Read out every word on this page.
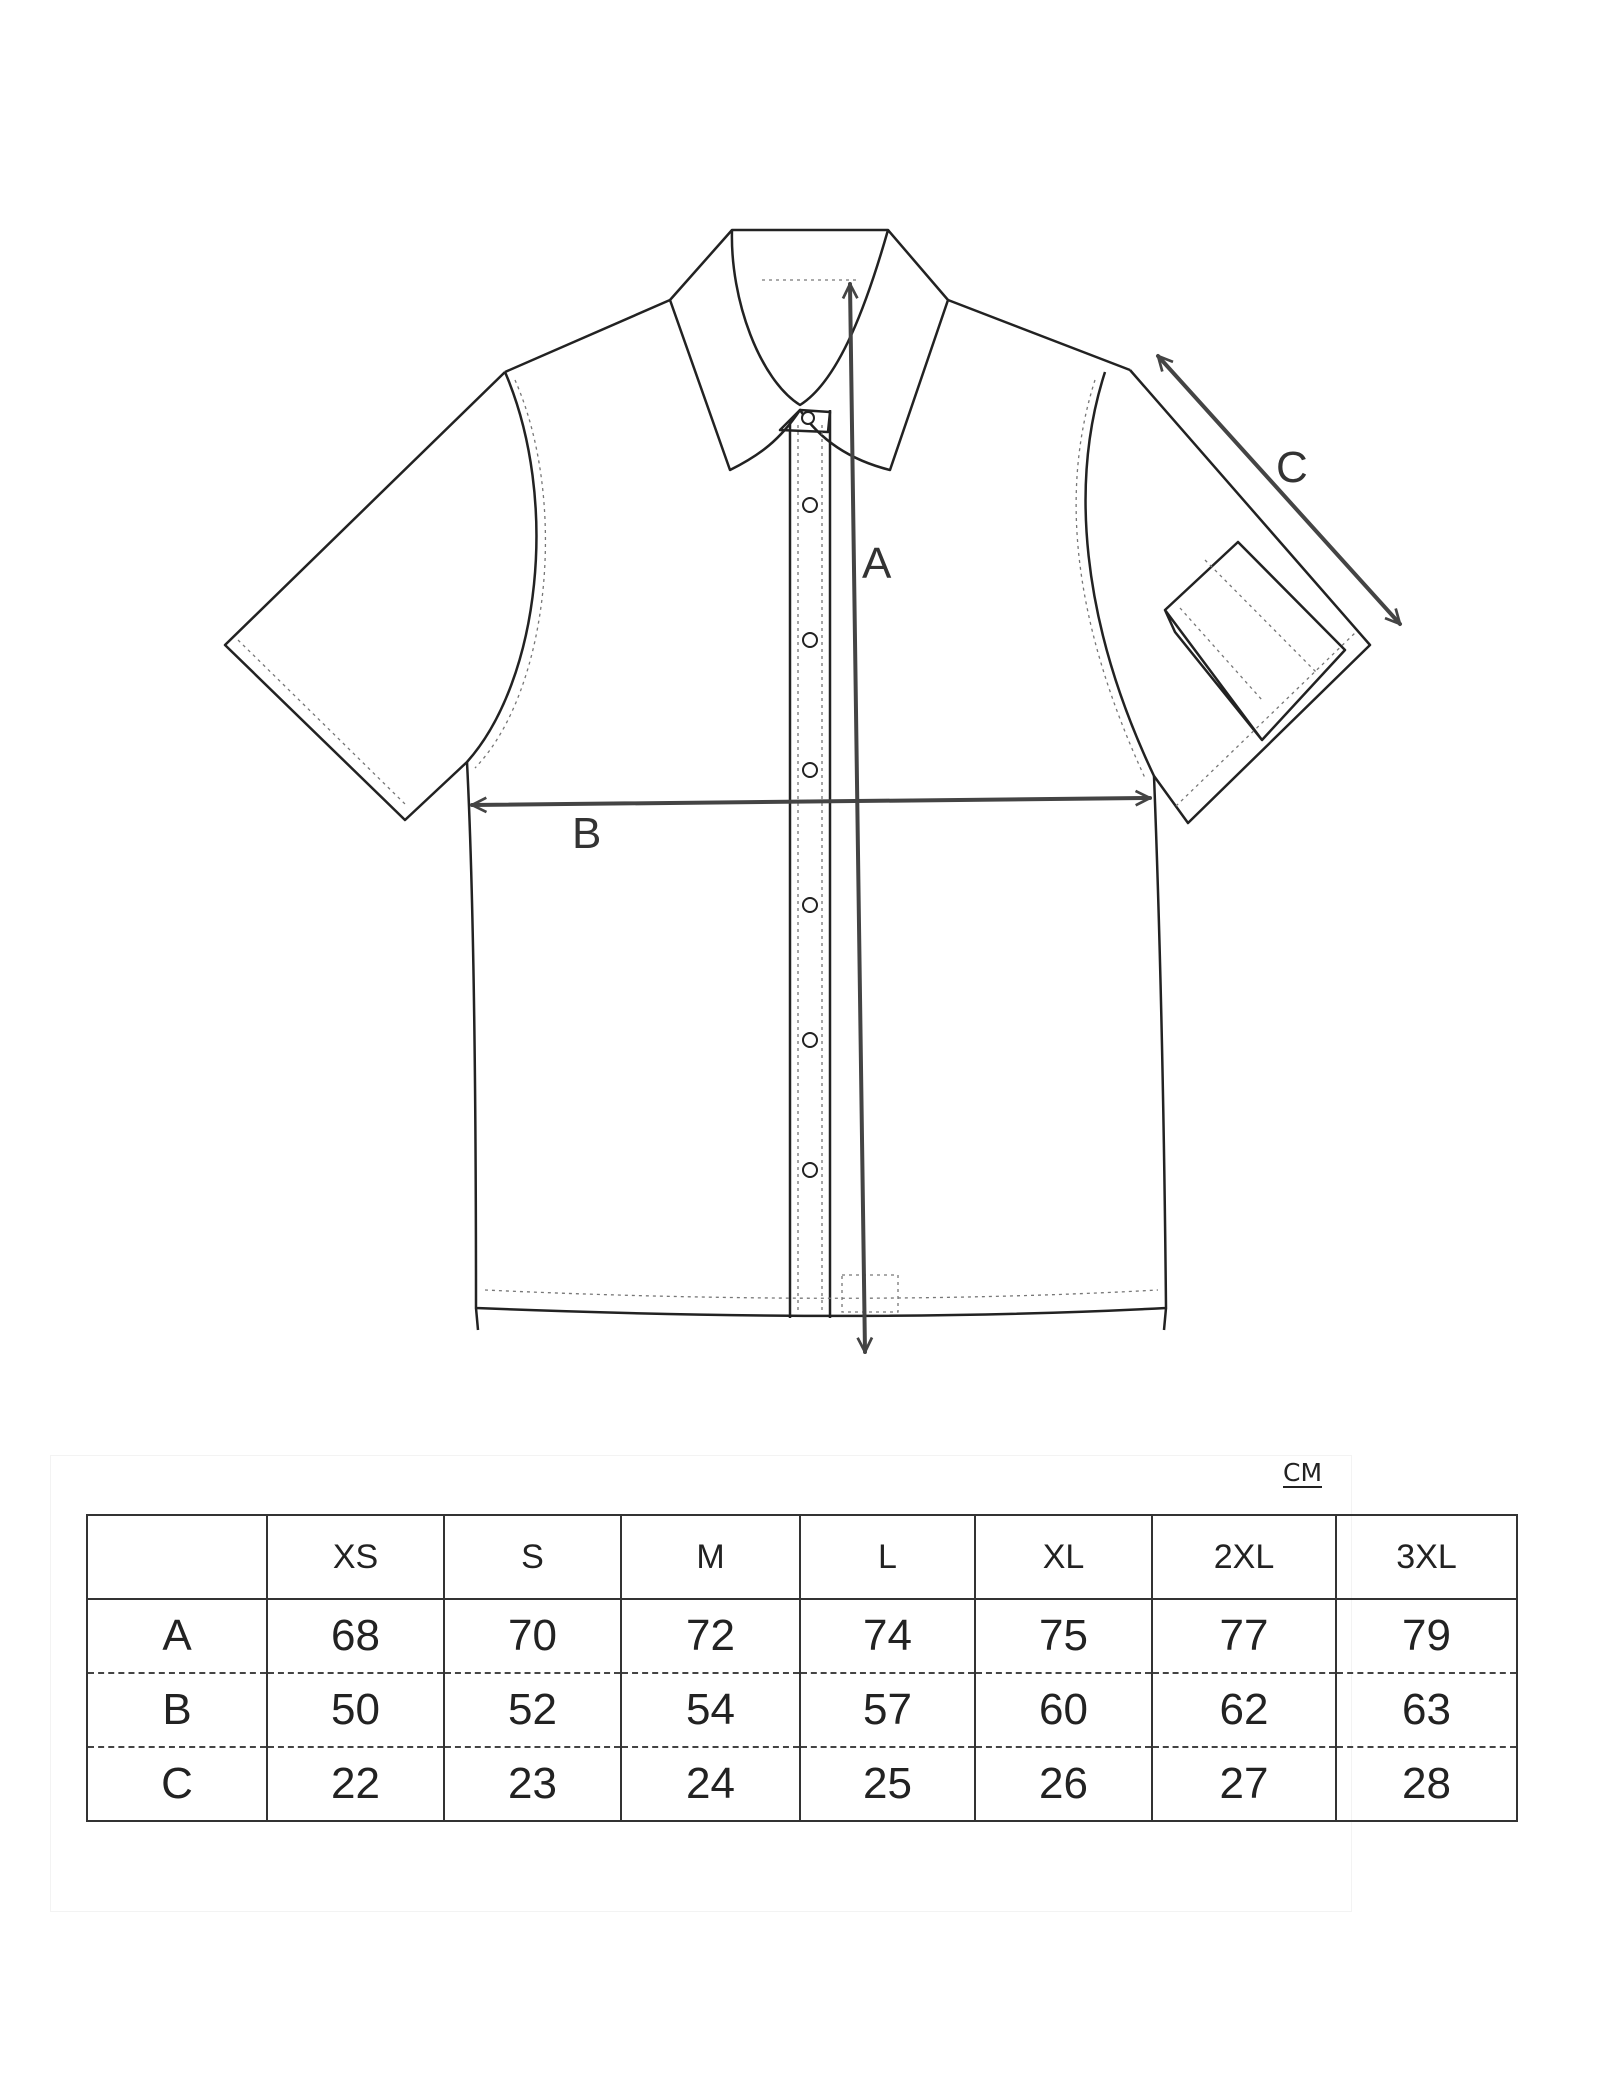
A
B
C
CM
	XS	S	M	L	XL	2XL	3XL
A	68	70	72	74	75	77	79
B	50	52	54	57	60	62	63
C	22	23	24	25	26	27	28
